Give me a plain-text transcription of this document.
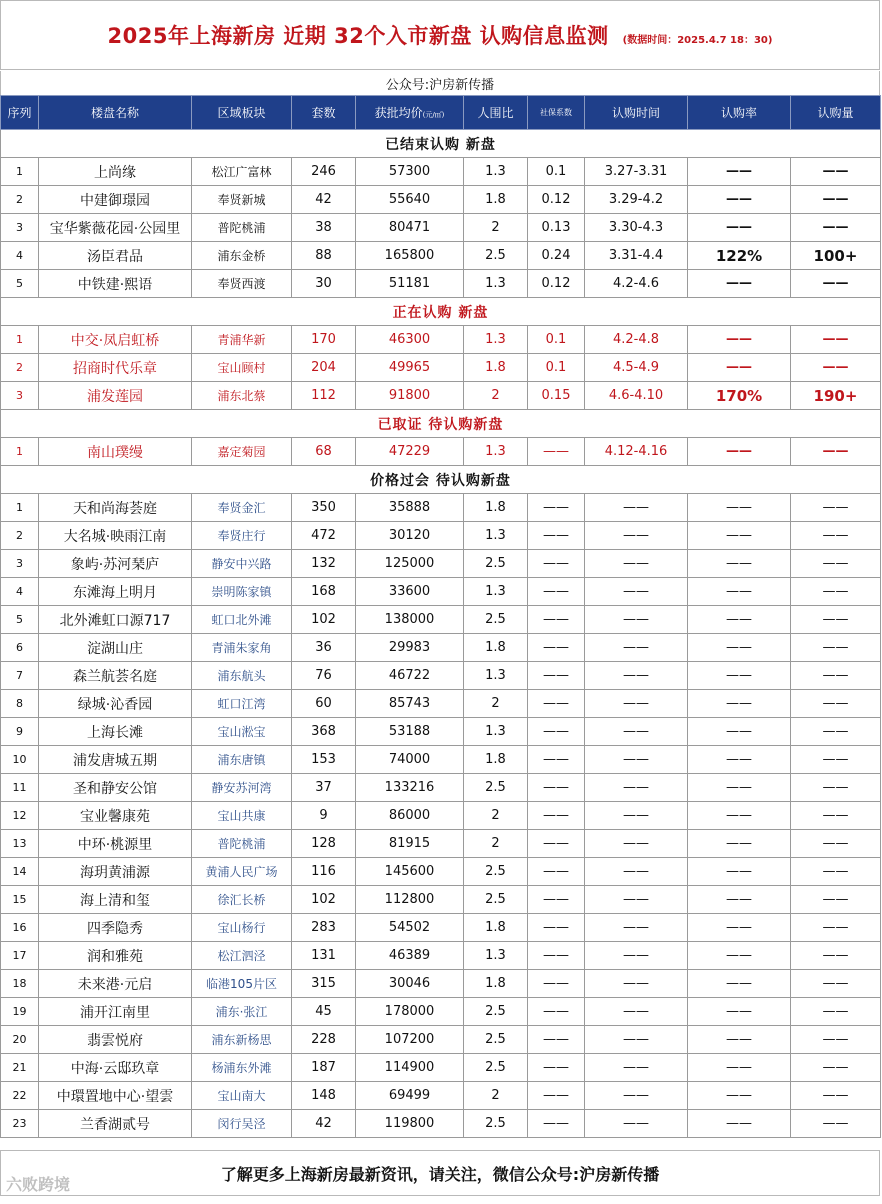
2025年上海新房 近期 32个入市新盘 认购信息监测 (数据时间：2025.4.7 18：30)
公众号:沪房新传播
序列	楼盘名称	区域板块	套数	获批均价(元/㎡)	人围比	社保系数	认购时间	认购率	认购量
已结束认购 新盘									
1	上尚缘	松江广富林	246	57300	1.3	0.1	3.27-3.31	——	——
2	中建御璟园	奉贤新城	42	55640	1.8	0.12	3.29-4.2	——	——
3	宝华紫薇花园·公园里	普陀桃浦	38	80471	2	0.13	3.30-4.3	——	——
4	汤臣君品	浦东金桥	88	165800	2.5	0.24	3.31-4.4	122%	100+
5	中铁建·熙语	奉贤西渡	30	51181	1.3	0.12	4.2-4.6	——	——
正在认购 新盘									
1	中交·凤启虹桥	青浦华新	170	46300	1.3	0.1	4.2-4.8	——	——
2	招商时代乐章	宝山顾村	204	49965	1.8	0.1	4.5-4.9	——	——
3	浦发莲园	浦东北蔡	112	91800	2	0.15	4.6-4.10	170%	190+
已取证 待认购新盘									
1	南山璞缦	嘉定菊园	68	47229	1.3	——	4.12-4.16	——	——
价格过会 待认购新盘									
1	天和尚海荟庭	奉贤金汇	350	35888	1.8	——	——	——	——
2	大名城·映雨江南	奉贤庄行	472	30120	1.3	——	——	——	——
3	象屿·苏河琹庐	静安中兴路	132	125000	2.5	——	——	——	——
4	东滩海上明月	崇明陈家镇	168	33600	1.3	——	——	——	——
5	北外滩虹口源717	虹口北外滩	102	138000	2.5	——	——	——	——
6	淀湖山庄	青浦朱家角	36	29983	1.8	——	——	——	——
7	森兰航荟名庭	浦东航头	76	46722	1.3	——	——	——	——
8	绿城·沁香园	虹口江湾	60	85743	2	——	——	——	——
9	上海长滩	宝山淞宝	368	53188	1.3	——	——	——	——
10	浦发唐城五期	浦东唐镇	153	74000	1.8	——	——	——	——
11	圣和静安公馆	静安苏河湾	37	133216	2.5	——	——	——	——
12	宝业馨康苑	宝山共康	9	86000	2	——	——	——	——
13	中环·桃源里	普陀桃浦	128	81915	2	——	——	——	——
14	海玥黄浦源	黄浦人民广场	116	145600	2.5	——	——	——	——
15	海上清和玺	徐汇长桥	102	112800	2.5	——	——	——	——
16	四季隐秀	宝山杨行	283	54502	1.8	——	——	——	——
17	润和雅苑	松江泗泾	131	46389	1.3	——	——	——	——
18	未来港·元启	临港105片区	315	30046	1.8	——	——	——	——
19	浦开江南里	浦东·张江	45	178000	2.5	——	——	——	——
20	翡雲悦府	浦东新杨思	228	107200	2.5	——	——	——	——
21	中海·云邸玖章	杨浦东外滩	187	114900	2.5	——	——	——	——
22	中環置地中心·望雲	宝山南大	148	69499	2	——	——	——	——
23	兰香湖贰号	闵行吴泾	42	119800	2.5	——	——	——	——
了解更多上海新房最新资讯，请关注，微信公众号:沪房新传播
六败跨境
